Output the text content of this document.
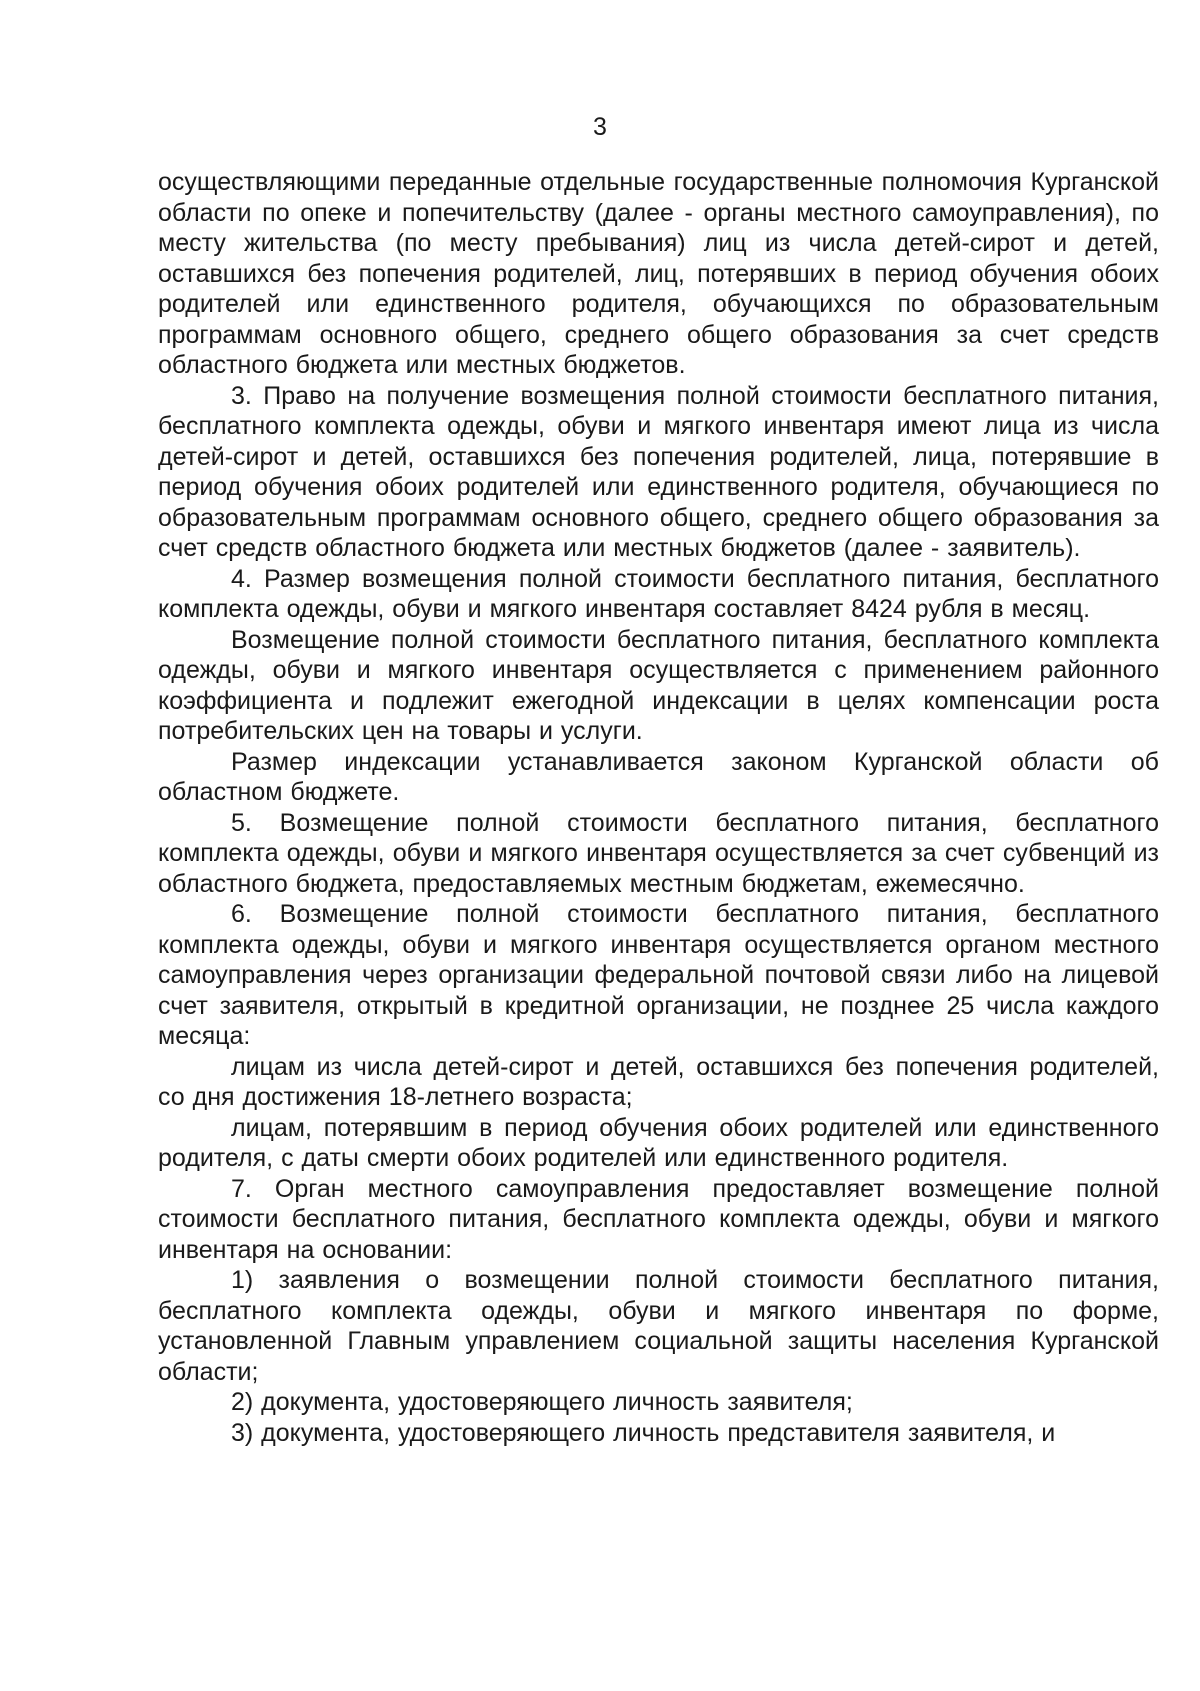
3

осуществляющими переданные отдельные государственные полномочия Курганской области по опеке и попечительству (далее - органы местного самоуправления), по месту жительства (по месту пребывания) лиц из числа детей-сирот и детей, оставшихся без попечения родителей, лиц, потерявших в период обучения обоих родителей или единственного родителя, обучающихся по образовательным программам основного общего, среднего общего образования за счет средств областного бюджета или местных бюджетов.

3. Право на получение возмещения полной стоимости бесплатного питания, бесплатного комплекта одежды, обуви и мягкого инвентаря имеют лица из числа детей-сирот и детей, оставшихся без попечения родителей, лица, потерявшие в период обучения обоих родителей или единственного родителя, обучающиеся по образовательным программам основного общего, среднего общего образования за счет средств областного бюджета или местных бюджетов (далее - заявитель).

4. Размер возмещения полной стоимости бесплатного питания, бесплатного комплекта одежды, обуви и мягкого инвентаря составляет 8424 рубля в месяц.

Возмещение полной стоимости бесплатного питания, бесплатного комплекта одежды, обуви и мягкого инвентаря осуществляется с применением районного коэффициента и подлежит ежегодной индексации в целях компенсации роста потребительских цен на товары и услуги.

Размер индексации устанавливается законом Курганской области об областном бюджете.

5. Возмещение полной стоимости бесплатного питания, бесплатного комплекта одежды, обуви и мягкого инвентаря осуществляется за счет субвенций из областного бюджета, предоставляемых местным бюджетам, ежемесячно.

6. Возмещение полной стоимости бесплатного питания, бесплатного комплекта одежды, обуви и мягкого инвентаря осуществляется органом местного самоуправления через организации федеральной почтовой связи либо на лицевой счет заявителя, открытый в кредитной организации, не позднее 25 числа каждого месяца:

лицам из числа детей-сирот и детей, оставшихся без попечения родителей, со дня достижения 18-летнего возраста;

лицам, потерявшим в период обучения обоих родителей или единственного родителя, с даты смерти обоих родителей или единственного родителя.

7. Орган местного самоуправления предоставляет возмещение полной стоимости бесплатного питания, бесплатного комплекта одежды, обуви и мягкого инвентаря на основании:

1) заявления о возмещении полной стоимости бесплатного питания, бесплатного комплекта одежды, обуви и мягкого инвентаря по форме, установленной Главным управлением социальной защиты населения Курганской области;

2) документа, удостоверяющего личность заявителя;

3) документа, удостоверяющего личность представителя заявителя, и
